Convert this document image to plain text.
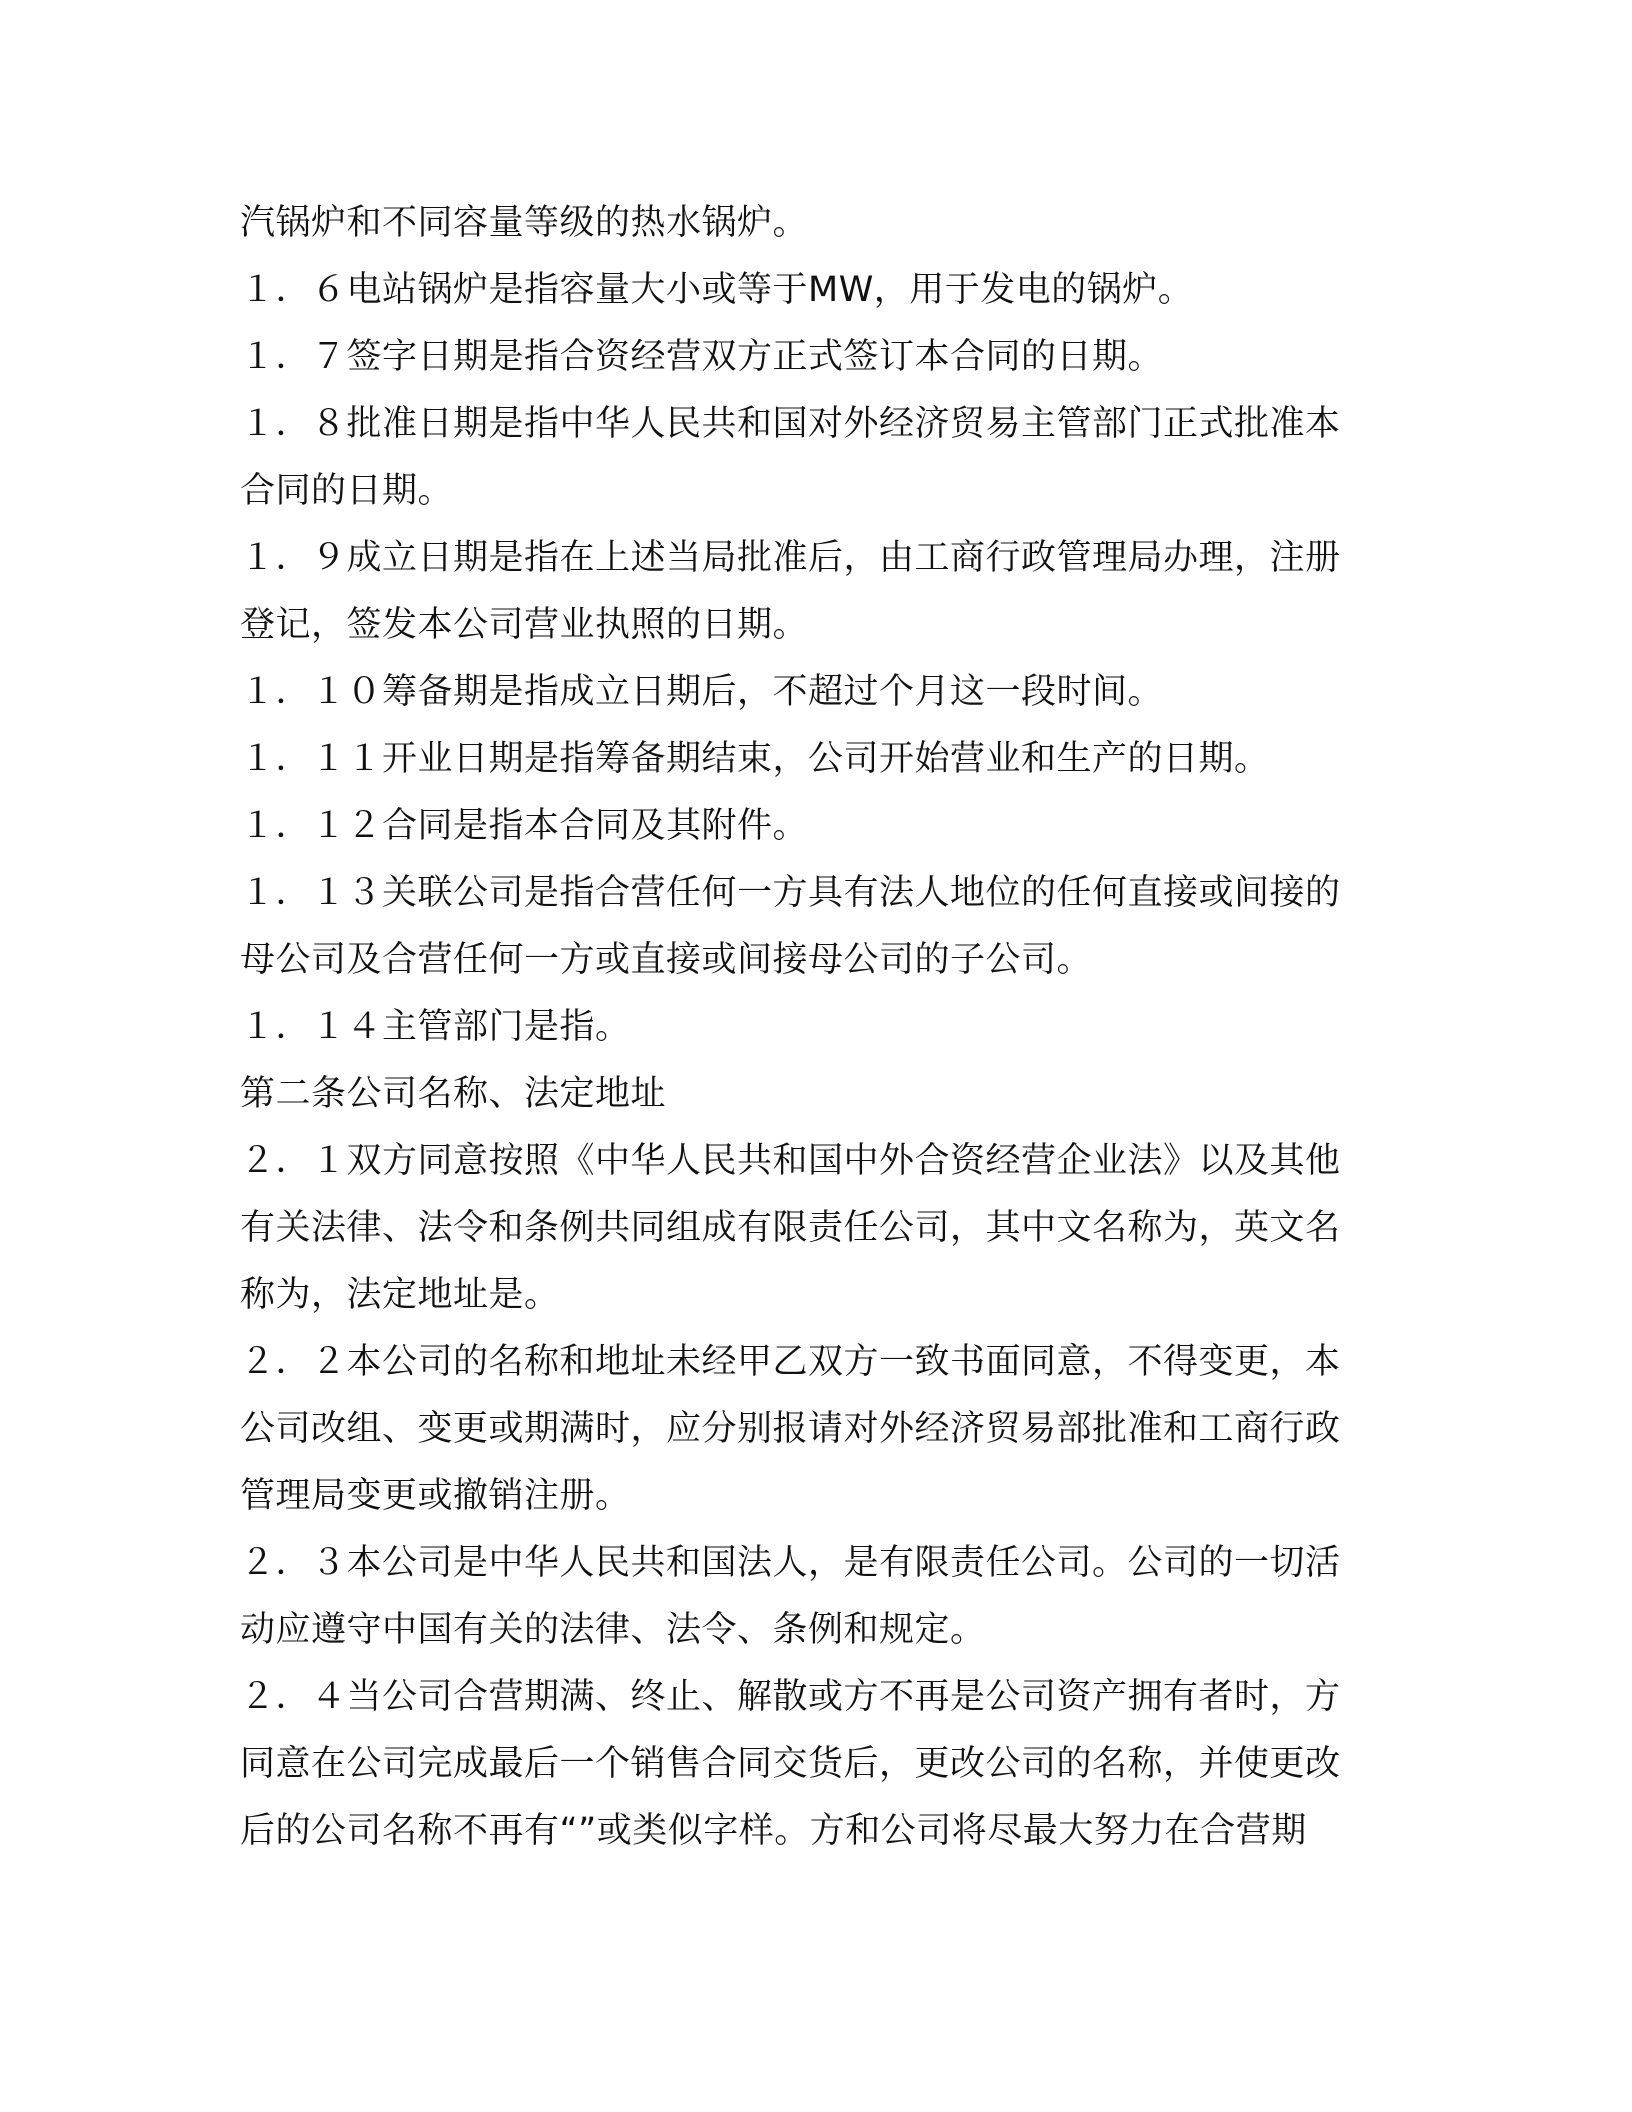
汽锅炉和不同容量等级的热水锅炉。
１．６电站锅炉是指容量大小或等于MW，用于发电的锅炉。
１．７签字日期是指合资经营双方正式签订本合同的日期。
１．８批准日期是指中华人民共和国对外经济贸易主管部门正式批准本
合同的日期。
１．９成立日期是指在上述当局批准后，由工商行政管理局办理，注册
登记，签发本公司营业执照的日期。
１．１０筹备期是指成立日期后，不超过个月这一段时间。
１．１１开业日期是指筹备期结束，公司开始营业和生产的日期。
１．１２合同是指本合同及其附件。
１．１３关联公司是指合营任何一方具有法人地位的任何直接或间接的
母公司及合营任何一方或直接或间接母公司的子公司。
１．１４主管部门是指。
第二条公司名称、法定地址
２．１双方同意按照《中华人民共和国中外合资经营企业法》以及其他
有关法律、法令和条例共同组成有限责任公司，其中文名称为，英文名
称为，法定地址是。
２．２本公司的名称和地址未经甲乙双方一致书面同意，不得变更，本
公司改组、变更或期满时，应分别报请对外经济贸易部批准和工商行政
管理局变更或撤销注册。
２．３本公司是中华人民共和国法人，是有限责任公司。公司的一切活
动应遵守中国有关的法律、法令、条例和规定。
２．４当公司合营期满、终止、解散或方不再是公司资产拥有者时，方
同意在公司完成最后一个销售合同交货后，更改公司的名称，并使更改
后的公司名称不再有“”或类似字样。方和公司将尽最大努力在合营期
